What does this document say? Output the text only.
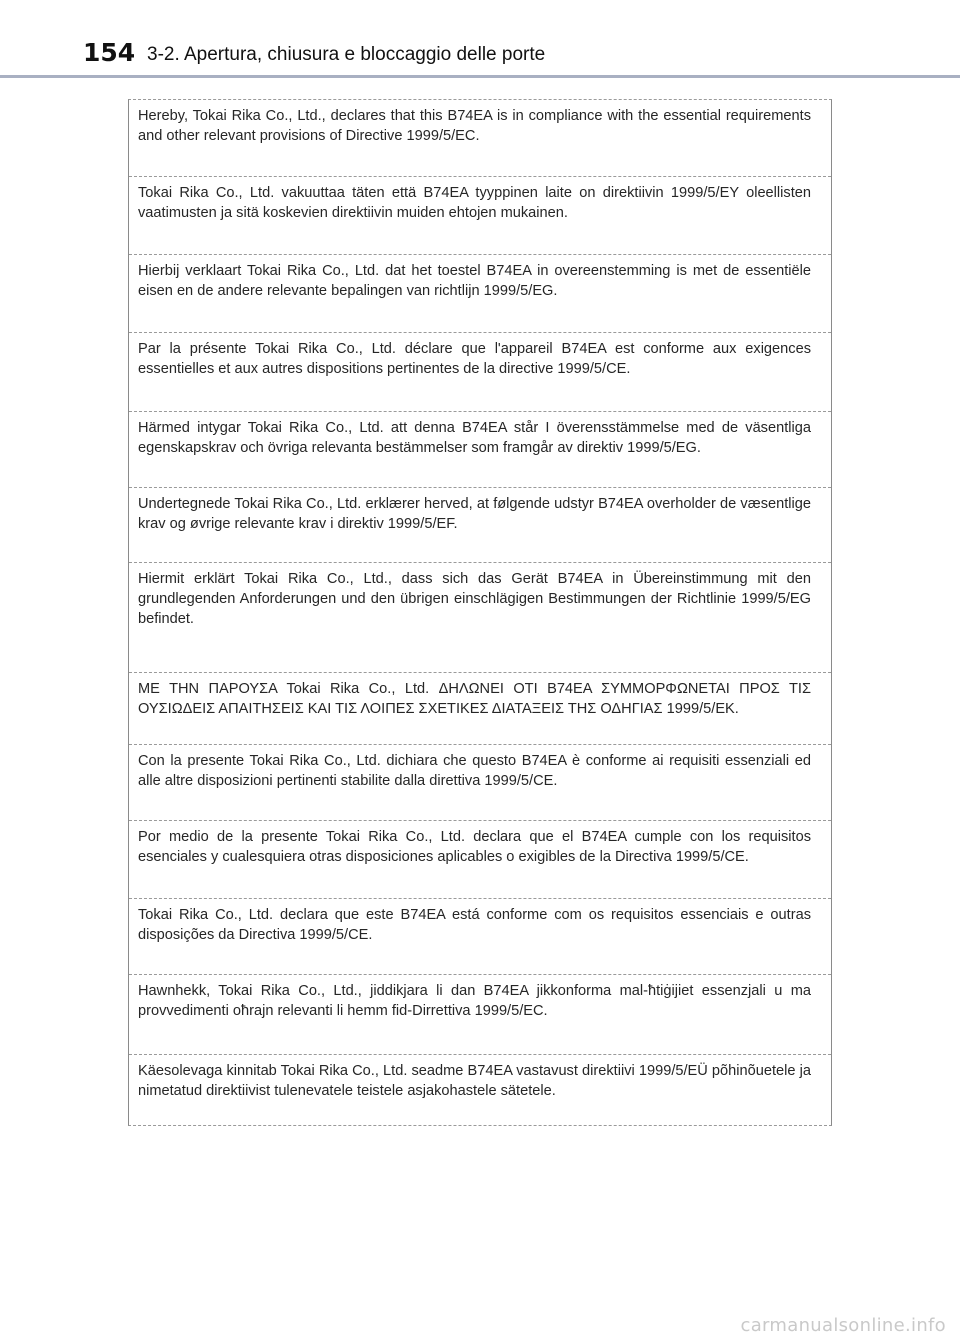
154 3-2. Apertura, chiusura e bloccaggio delle porte

Hereby, Tokai Rika Co., Ltd., declares that this B74EA is in compliance with the essential requirements and other relevant provisions of Directive 1999/5/EC.

Tokai Rika Co., Ltd. vakuuttaa täten että B74EA tyyppinen laite on direktiivin 1999/5/EY oleellisten vaatimusten ja sitä koskevien direktiivin muiden ehtojen mukainen.

Hierbij verklaart Tokai Rika Co., Ltd. dat het toestel B74EA in overeenstemming is met de essentiële eisen en de andere relevante bepalingen van richtlijn 1999/5/EG.

Par la présente Tokai Rika Co., Ltd. déclare que l'appareil B74EA est conforme aux exigences essentielles et aux autres dispositions pertinentes de la directive 1999/5/CE.

Härmed intygar Tokai Rika Co., Ltd. att denna B74EA står I överensstämmelse med de väsentliga egenskapskrav och övriga relevanta bestämmelser som framgår av direktiv 1999/5/EG.

Undertegnede Tokai Rika Co., Ltd. erklærer herved, at følgende udstyr B74EA overholder de væsentlige krav og øvrige relevante krav i direktiv 1999/5/EF.

Hiermit erklärt Tokai Rika Co., Ltd., dass sich das Gerät B74EA in Übereinstimmung mit den grundlegenden Anforderungen und den übrigen einschlägigen Bestimmungen der Richtlinie 1999/5/EG befindet.

ΜΕ ΤΗΝ ΠΑΡΟΥΣΑ Tokai Rika Co., Ltd. ΔΗΛΩΝΕΙ ΟΤΙ B74EA ΣΥΜΜΟΡΦΩΝΕΤΑΙ ΠΡΟΣ ΤΙΣ ΟΥΣΙΩΔΕΙΣ ΑΠΑΙΤΗΣΕΙΣ ΚΑΙ ΤΙΣ ΛΟΙΠΕΣ ΣΧΕΤΙΚΕΣ ΔΙΑΤΑΞΕΙΣ ΤΗΣ ΟΔΗΓΙΑΣ 1999/5/ΕΚ.

Con la presente Tokai Rika Co., Ltd. dichiara che questo B74EA è conforme ai requisiti essenziali ed alle altre disposizioni pertinenti stabilite dalla direttiva 1999/5/CE.

Por medio de la presente Tokai Rika Co., Ltd. declara que el B74EA cumple con los requisitos esenciales y cualesquiera otras disposiciones aplicables o exigibles de la Directiva 1999/5/CE.

Tokai Rika Co., Ltd. declara que este B74EA está conforme com os requisitos essenciais e outras disposições da Directiva 1999/5/CE.

Hawnhekk, Tokai Rika Co., Ltd., jiddikjara li dan B74EA jikkonforma mal-ħtiġijiet essenzjali u ma provvedimenti oħrajn relevanti li hemm fid-Dirrettiva 1999/5/EC.

Käesolevaga kinnitab Tokai Rika Co., Ltd. seadme B74EA vastavust direktiivi 1999/5/EÜ põhinõuetele ja nimetatud direktiivist tulenevatele teistele asjakohastele sätetele.

carmanualsonline.info
